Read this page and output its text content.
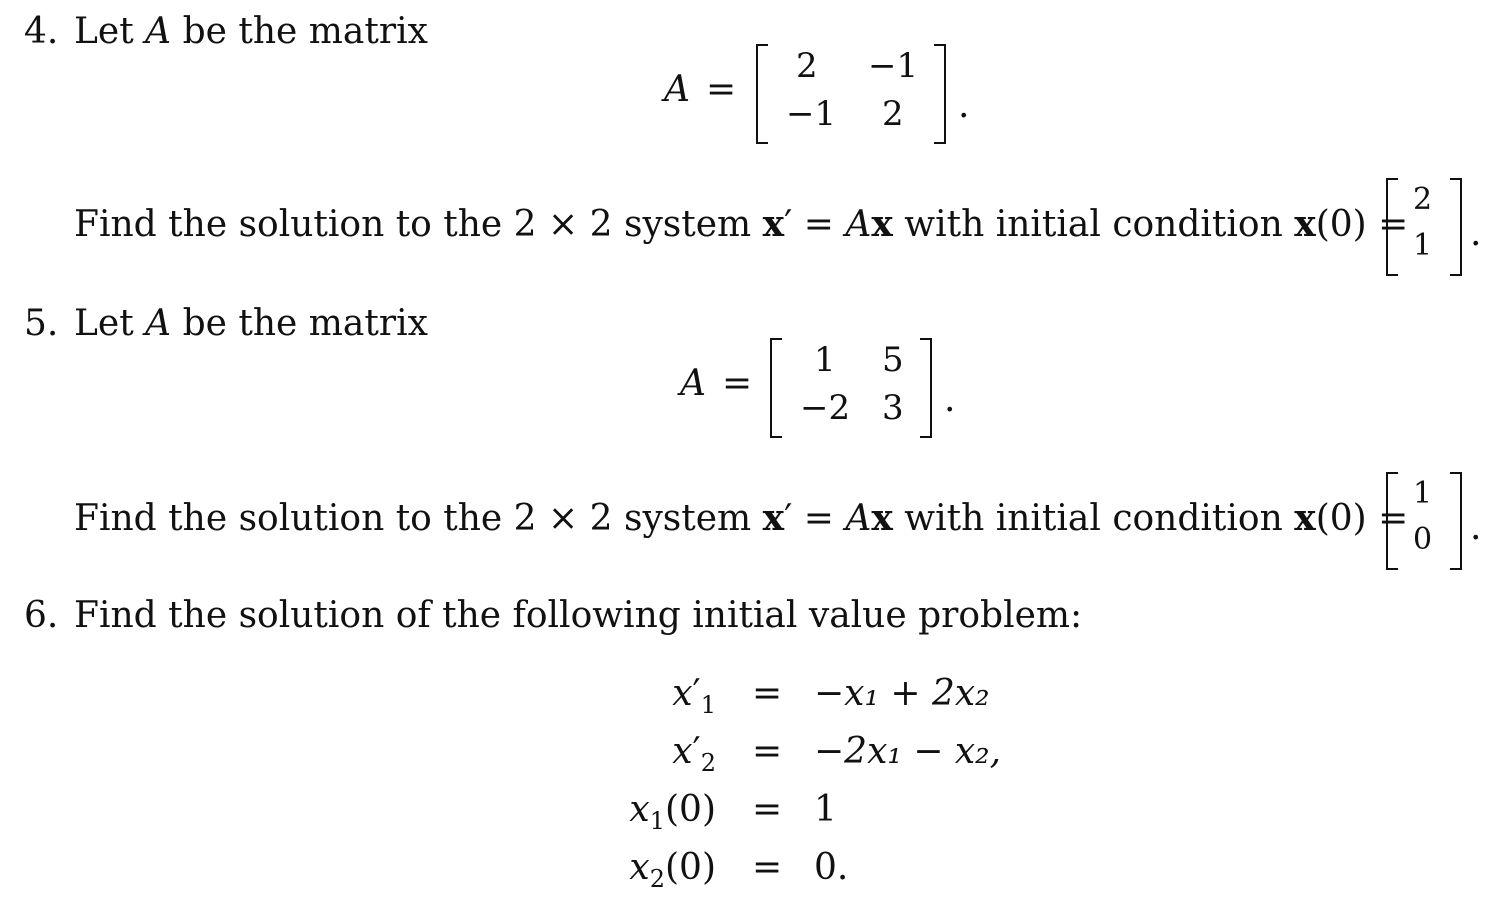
4. Let A be the matrix
A =
2 −1
−1 2 .
Find the solution to the 2 × 2 system x′ = Ax with initial condition x(0) =
2
1 .
5. Let A be the matrix
A =
1 5
−2 3 .
Find the solution to the 2 × 2 system x′ = Ax with initial condition x(0) =
1
0 .
6. Find the solution of the following initial value problem:
$x'_1 = -x_1 + 2x_2$
$x'_2 = -2x_1 - x_2$,
$x_1(0) = 1$
$x_2(0) = 0$.
